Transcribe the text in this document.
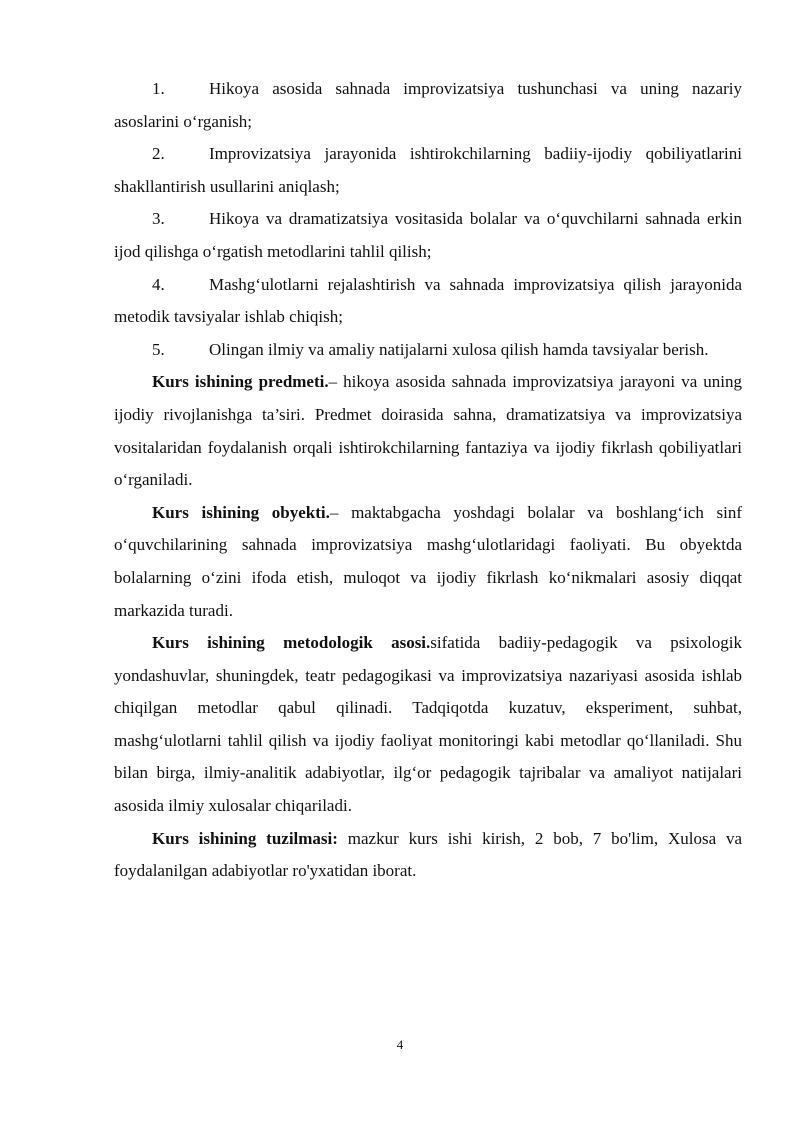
1.	Hikoya asosida sahnada improvizatsiya tushunchasi va uning nazariy asoslarini o‘rganish;

2.	Improvizatsiya jarayonida ishtirokchilarning badiiy-ijodiy qobiliyatlarini shakllantirish usullarini aniqlash;

3.	Hikoya va dramatizatsiya vositasida bolalar va o‘quvchilarni sahnada erkin ijod qilishga o‘rgatish metodlarini tahlil qilish;

4.	Mashg‘ulotlarni rejalashtirish va sahnada improvizatsiya qilish jarayonida metodik tavsiyalar ishlab chiqish;

5.	Olingan ilmiy va amaliy natijalarni xulosa qilish hamda tavsiyalar berish.

Kurs ishining predmeti.– hikoya asosida sahnada improvizatsiya jarayoni va uning ijodiy rivojlanishga ta’siri. Predmet doirasida sahna, dramatizatsiya va improvizatsiya vositalaridan foydalanish orqali ishtirokchilarning fantaziya va ijodiy fikrlash qobiliyatlari o‘rganiladi.

Kurs ishining obyekti.– maktabgacha yoshdagi bolalar va boshlang‘ich sinf o‘quvchilarining sahnada improvizatsiya mashg‘ulotlaridagi faoliyati. Bu obyektda bolalarning o‘zini ifoda etish, muloqot va ijodiy fikrlash ko‘nikmalari asosiy diqqat markazida turadi.

Kurs ishining metodologik asosi.sifatida badiiy-pedagogik va psixologik yondashuvlar, shuningdek, teatr pedagogikasi va improvizatsiya nazariyasi asosida ishlab chiqilgan metodlar qabul qilinadi. Tadqiqotda kuzatuv, eksperiment, suhbat, mashg‘ulotlarni tahlil qilish va ijodiy faoliyat monitoringi kabi metodlar qo‘llaniladi. Shu bilan birga, ilmiy-analitik adabiyotlar, ilg‘or pedagogik tajribalar va amaliyot natijalari asosida ilmiy xulosalar chiqariladi.

Kurs ishining tuzilmasi: mazkur kurs ishi kirish, 2 bob, 7 bo'lim, Xulosa va foydalanilgan adabiyotlar ro'yxatidan iborat.

4
